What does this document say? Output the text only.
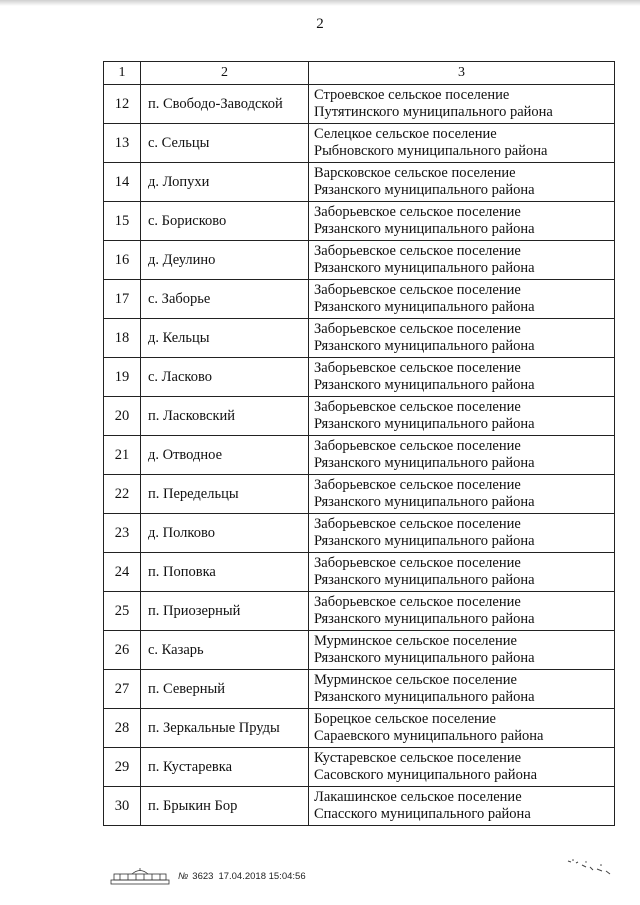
2
1	2	3
12	п. Свободо-Заводской	Строевское сельское поселение
Путятинского муниципального района

13	с. Сельцы	Селецкое сельское поселение
Рыбновского муниципального района

14	д. Лопухи	Варсковское сельское поселение
Рязанского муниципального района

15	с. Борисково	Заборьевское сельское поселение
Рязанского муниципального района

16	д. Деулино	Заборьевское сельское поселение
Рязанского муниципального района

17	с. Заборье	Заборьевское сельское поселение
Рязанского муниципального района

18	д. Кельцы	Заборьевское сельское поселение
Рязанского муниципального района

19	с. Ласково	Заборьевское сельское поселение
Рязанского муниципального района

20	п. Ласковский	Заборьевское сельское поселение
Рязанского муниципального района

21	д. Отводное	Заборьевское сельское поселение
Рязанского муниципального района

22	п. Передельцы	Заборьевское сельское поселение
Рязанского муниципального района

23	д. Полково	Заборьевское сельское поселение
Рязанского муниципального района

24	п. Поповка	Заборьевское сельское поселение
Рязанского муниципального района

25	п. Приозерный	Заборьевское сельское поселение
Рязанского муниципального района

26	с. Казарь	Мурминское сельское поселение
Рязанского муниципального района

27	п. Северный	Мурминское сельское поселение
Рязанского муниципального района

28	п. Зеркальные Пруды	Борецкое сельское поселение
Сараевского муниципального района

29	п. Кустаревка	Кустаревское сельское поселение
Сасовского муниципального района

30	п. Брыкин Бор	Лакашинское сельское поселение
Спасского муниципального района
№ 3623 17.04.2018 15:04:56
